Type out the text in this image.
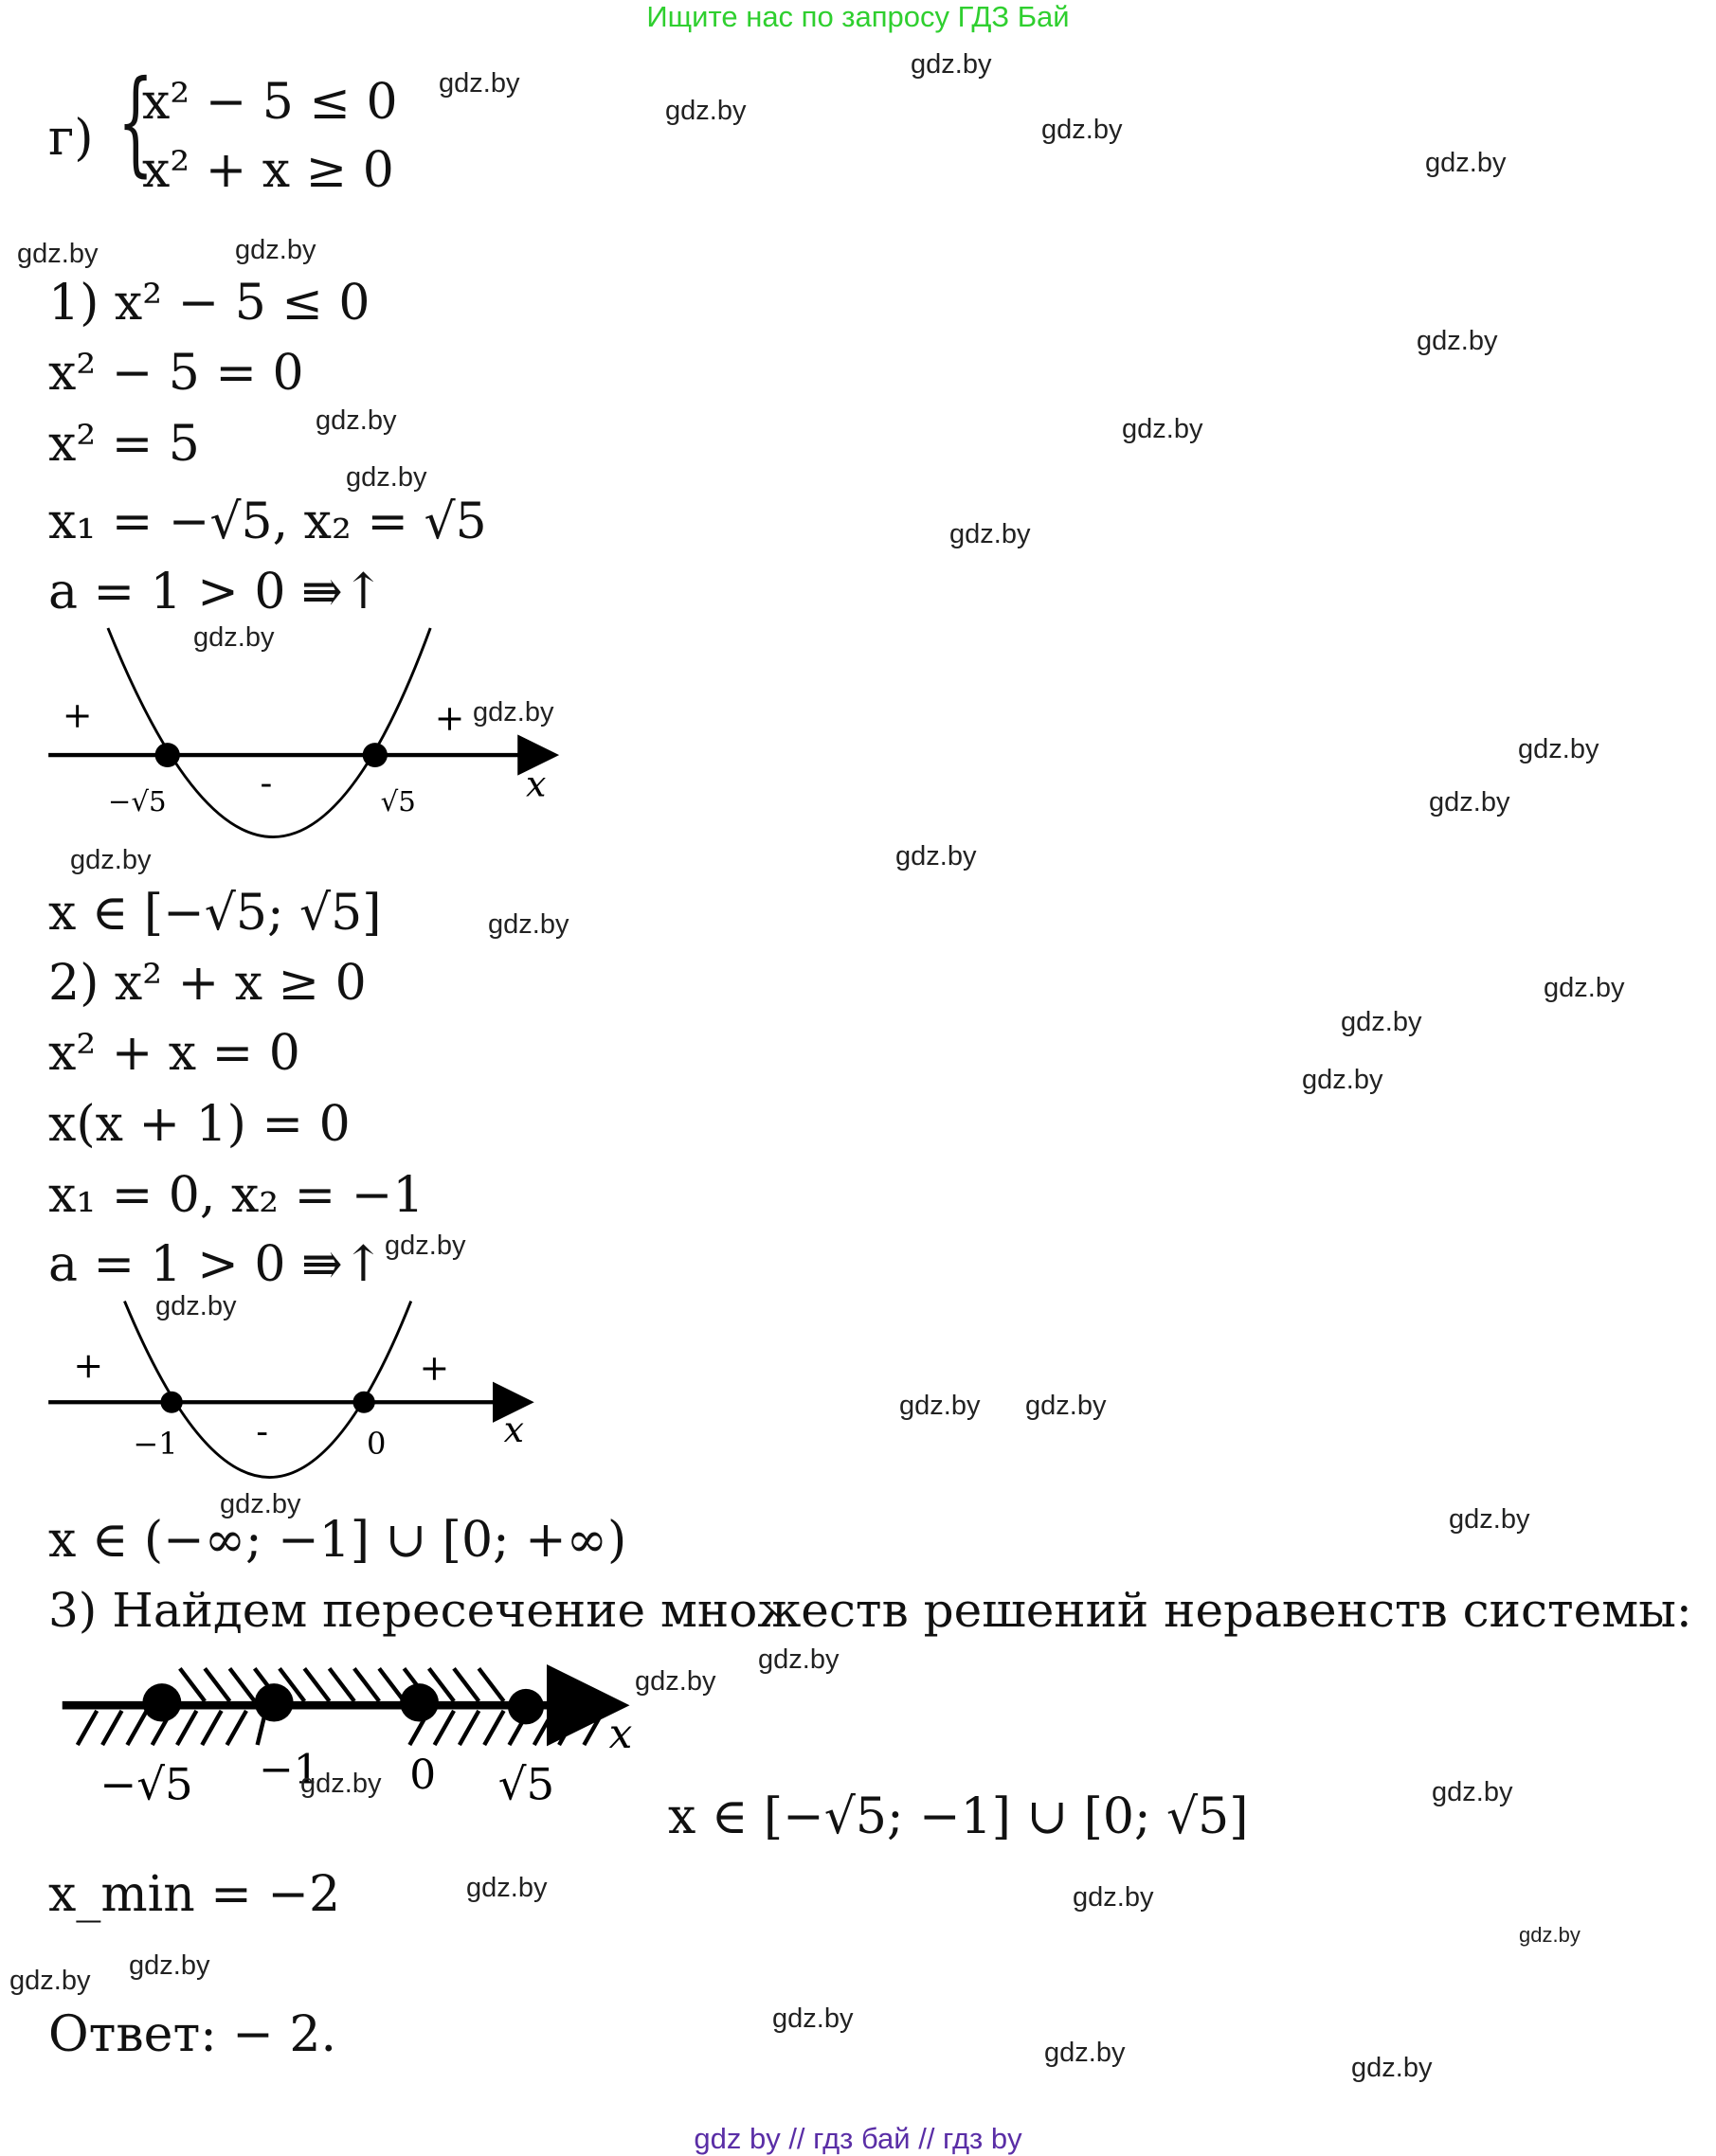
Ищите нас по запросу ГДЗ Бай
г) {
x² − 5 ≤ 0
x² + x ≥ 0
1) x² − 5 ≤ 0
x² − 5 = 0
x² = 5
x₁ = −√5, x₂ = √5
a = 1 > 0 ⇛↑
x ∈ [−√5; √5]
2) x² + x ≥ 0
x² + x = 0
x(x + 1) = 0
x₁ = 0, x₂ = −1
a = 1 > 0 ⇛↑
x ∈ (−∞; −1] ∪ [0; +∞)
3) Найдем пересечение множеств решений неравенств системы:
x ∈ [−√5; −1] ∪ [0; √5]
x_min = −2
Ответ: − 2.
+	+
-
−√5	√5	x
+	+
-
−1	0	x
−√5 −1	0 √5
x
gdz.by
gdz.by
gdz.by
gdz.by
gdz.by
gdz.by	gdz.by
gdz.by
gdz.by	gdz.by
gdz.by
gdz.by
gdz.by
gdz.by
gdz.by
gdz.by
gdz.by	gdz.by
gdz.by
gdz.by
gdz.by
gdz.by
gdz.by
gdz.by
gdz.by gdz.by
gdz.by	gdz.by
gdz.by
gdz.by
gdz.by	gdz.by
gdz.by	gdz.by
gdz.by
gdz.by gdz.by
gdz.by
gdz.by	gdz.by
gdz by // гдз бай // гдз by
